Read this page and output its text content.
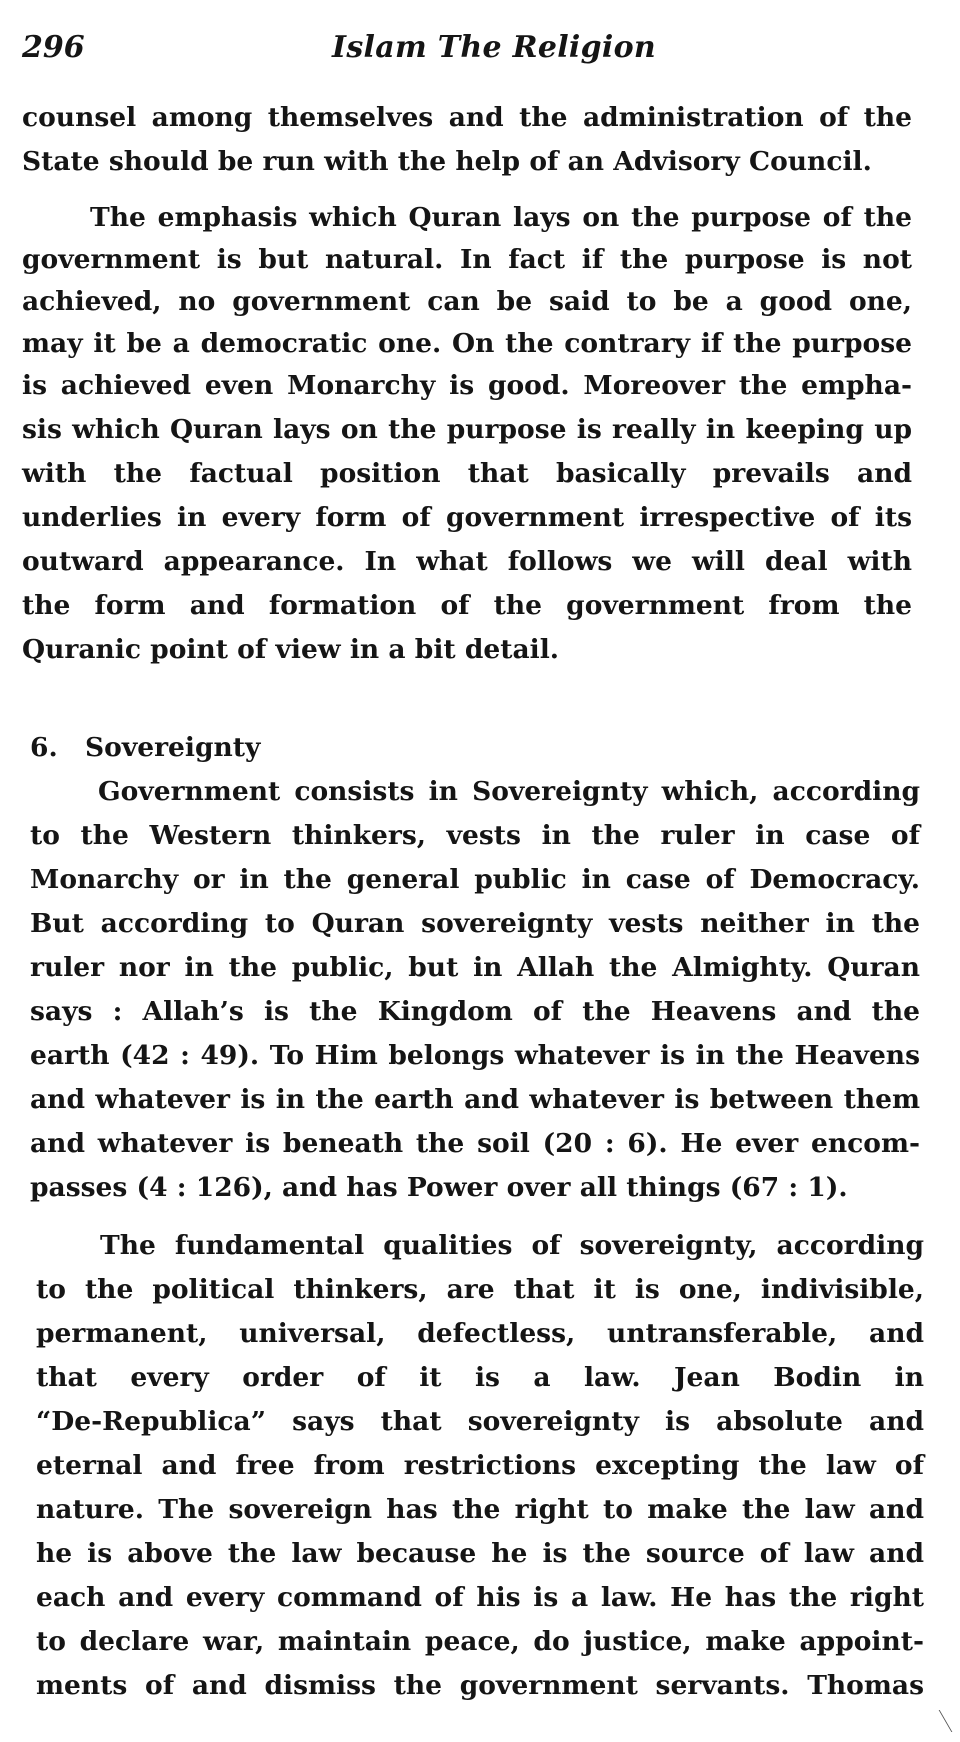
296	Islam The Religion
counsel among themselves and the administration of the
State should be run with the help of an Advisory Council.
The emphasis which Quran lays on the purpose of the
government is but natural. In fact if the purpose is not
achieved, no government can be said to be a good one,
may it be a democratic one. On the contrary if the purpose
is achieved even Monarchy is good. Moreover the empha-
sis which Quran lays on the purpose is really in keeping up
with the factual position that basically prevails and
underlies in every form of government irrespective of its
outward appearance. In what follows we will deal with
the form and formation of the government from the
Quranic point of view in a bit detail.
6. Sovereignty
Government consists in Sovereignty which, according
to the Western thinkers, vests in the ruler in case of
Monarchy or in the general public in case of Democracy.
But according to Quran sovereignty vests neither in the
ruler nor in the public, but in Allah the Almighty. Quran
says : Allah’s is the Kingdom of the Heavens and the
earth (42 : 49). To Him belongs whatever is in the Heavens
and whatever is in the earth and whatever is between them
and whatever is beneath the soil (20 : 6). He ever encom-
passes (4 : 126), and has Power over all things (67 : 1).
The fundamental qualities of sovereignty, according
to the political thinkers, are that it is one, indivisible,
permanent, universal, defectless, untransferable, and
that every order of it is a law. Jean Bodin in
“De-Republica” says that sovereignty is absolute and
eternal and free from restrictions excepting the law of
nature. The sovereign has the right to make the law and
he is above the law because he is the source of law and
each and every command of his is a law. He has the right
to declare war, maintain peace, do justice, make appoint-
ments of and dismiss the government servants. Thomas
